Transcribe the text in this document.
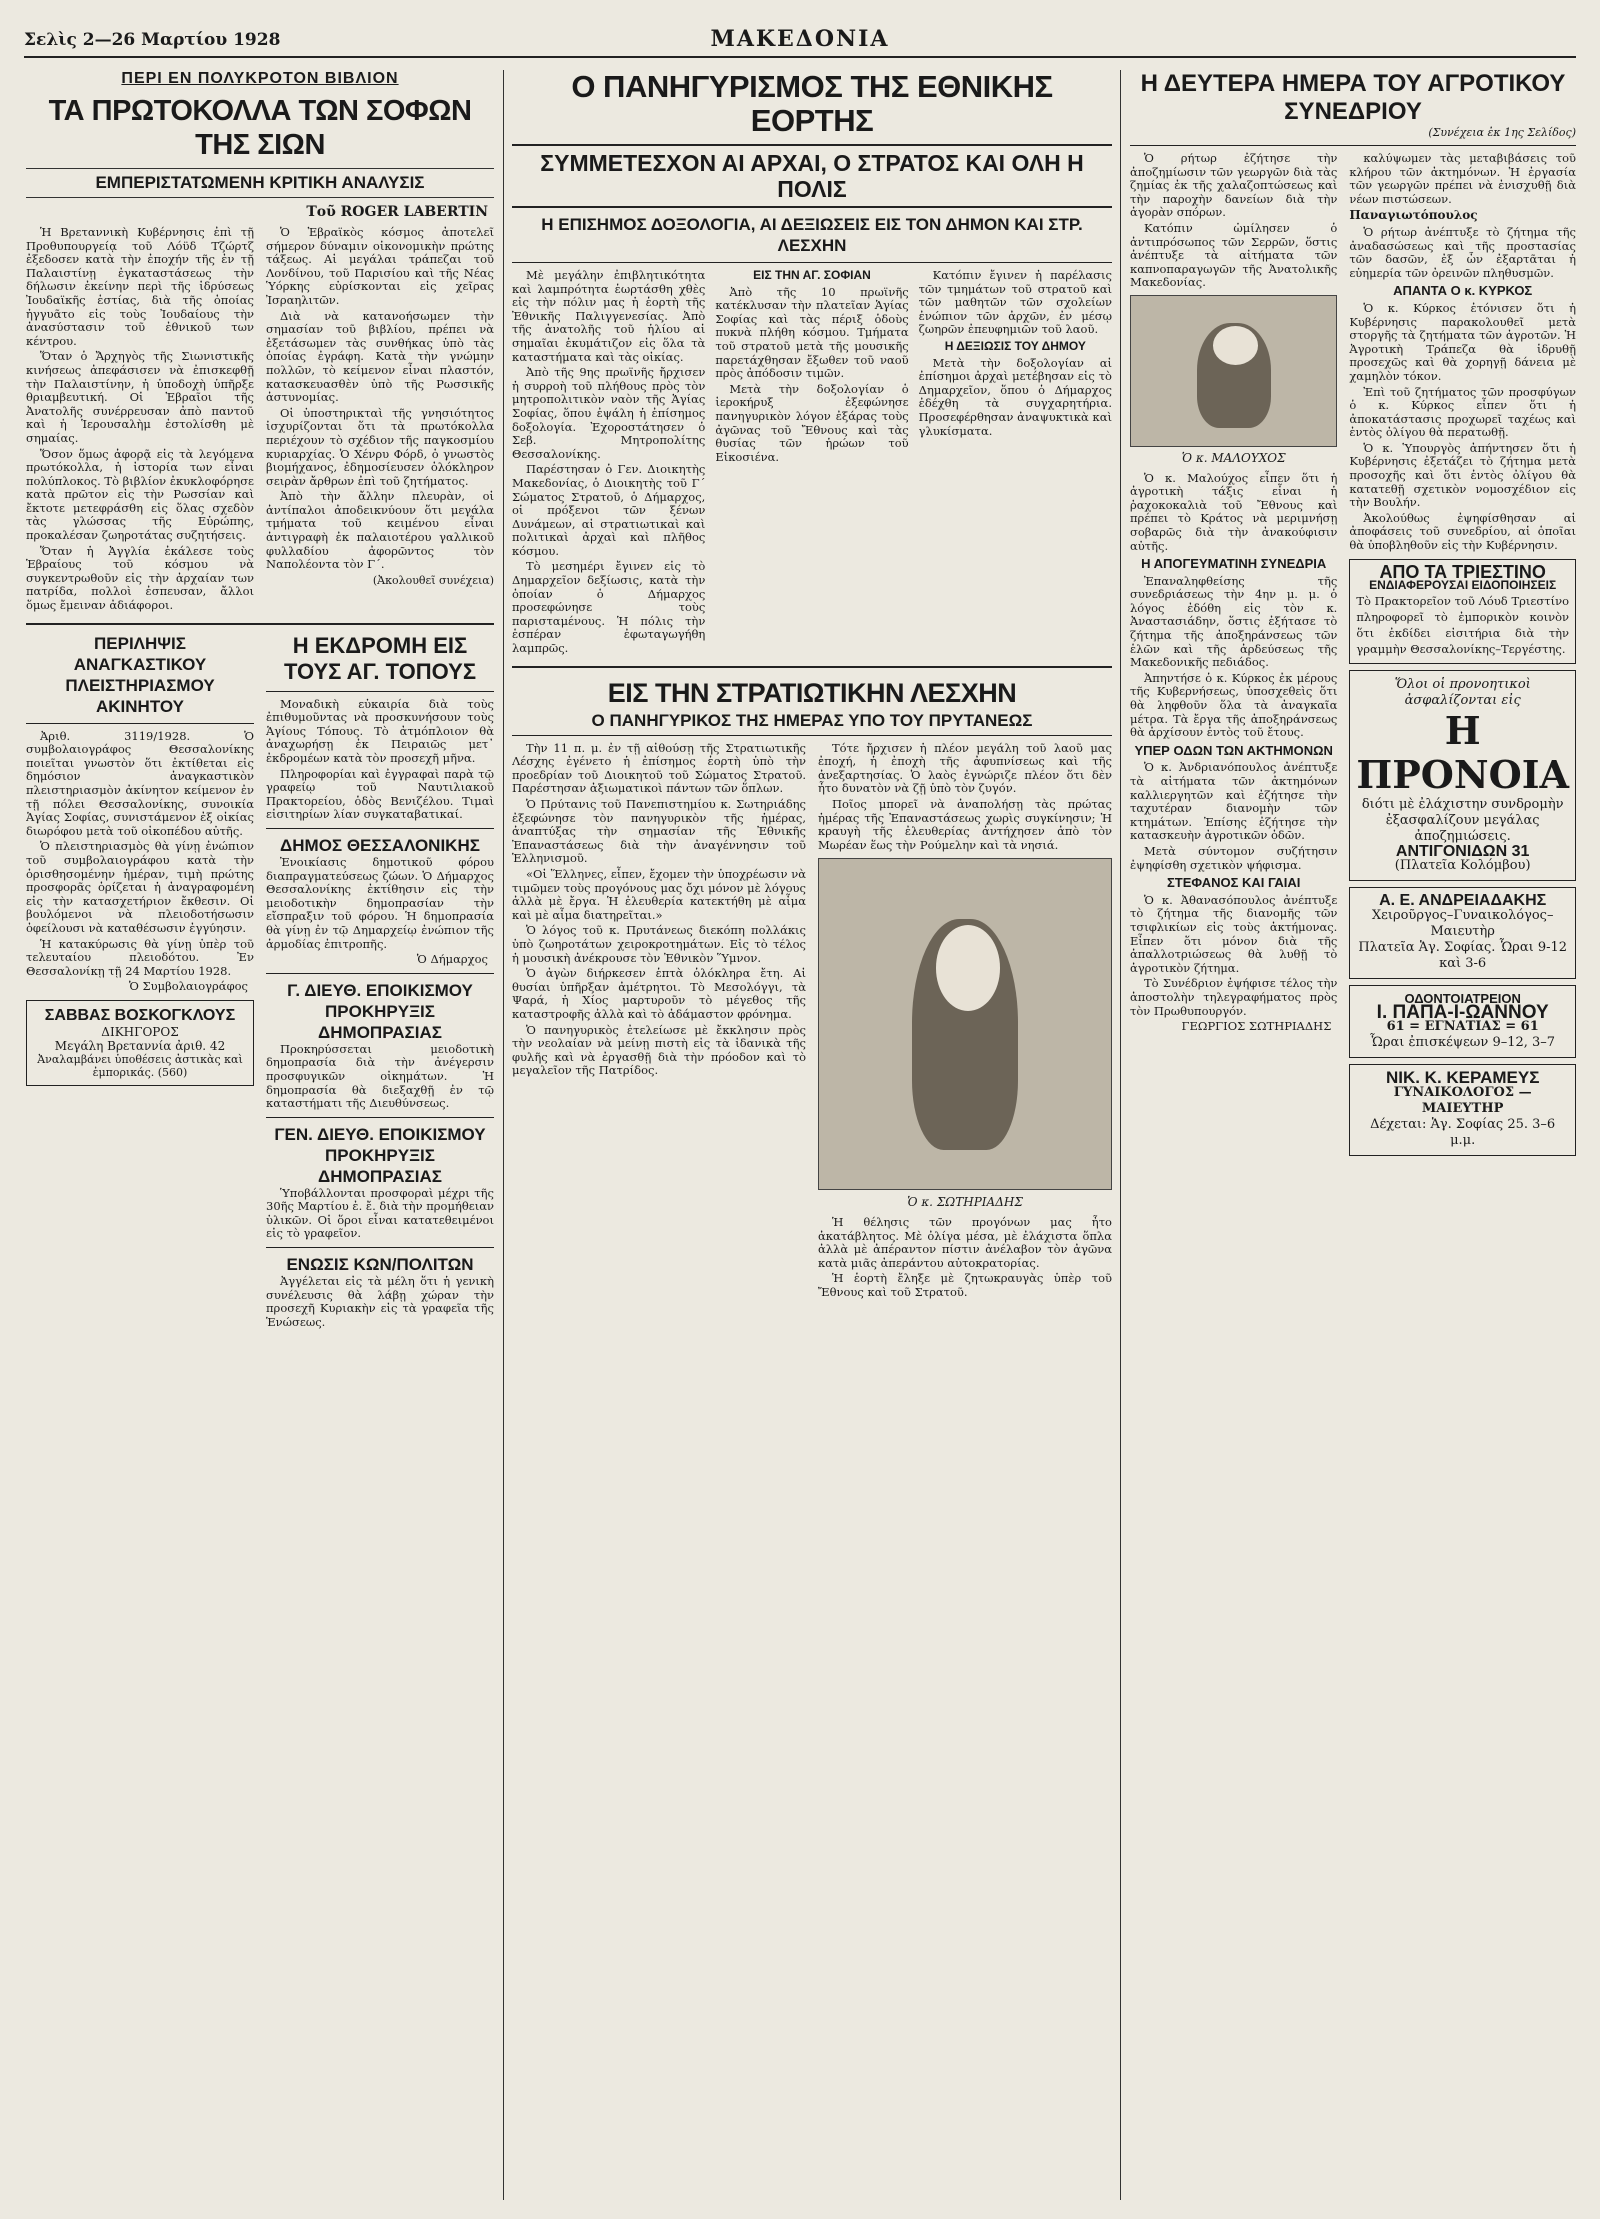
Σελὶς 2—26 Μαρτίου 1928	ΜΑΚΕΔΟΝΙΑ
ΠΕΡΙ ΕΝ ΠΟΛΥΚΡΟΤΟΝ ΒΙΒΛΙΟΝ
ΤΑ ΠΡΩΤΟΚΟΛΛΑ ΤΩΝ ΣΟΦΩΝ ΤΗΣ ΣΙΩΝ
ΕΜΠΕΡΙΣΤΑΤΩΜΕΝΗ ΚΡΙΤΙΚΗ ΑΝΑΛΥΣΙΣ
Τοῦ ROGER LABERTIN

Ἡ Βρεταννικὴ Κυβέρνησις ἐπὶ τῇ Προθυπουργείᾳ τοῦ Λόϋδ Τζώρτζ ἐξεδοσεν κατὰ τὴν ἐποχήν τῆς ἐν τῇ Παλαιστίνῃ ἐγκαταστάσεως τὴν δήλωσιν ἐκείνην περὶ τῆς ἱδρύσεως Ἰουδαϊκῆς ἑστίας, διὰ τῆς ὁποίας ἠγγυᾶτο εἰς τοὺς Ἰουδαίους τὴν ἀνασύστασιν τοῦ ἐθνικοῦ των κέντρου.

Ὅταν ὁ Ἄρχηγὸς τῆς Σιωνιστικῆς κινήσεως ἀπεφάσισεν νὰ ἐπισκεφθῇ τὴν Παλαιστίνην, ἡ ὑποδοχὴ ὑπῆρξε θριαμβευτική. Οἱ Ἑβραῖοι τῆς Ἀνατολῆς συνέρρευσαν ἀπὸ παντοῦ καὶ ἡ Ἱερουσαλὴμ ἐστολίσθη μὲ σημαίας.

Ὅσον ὅμως ἀφορᾷ εἰς τὰ λεγόμενα πρωτόκολλα, ἡ ἱστορία των εἶναι πολύπλοκος. Τὸ βιβλίον ἐκυκλοφόρησε κατὰ πρῶτον εἰς τὴν Ρωσσίαν καὶ ἔκτοτε μετεφράσθη εἰς ὅλας σχεδὸν τὰς γλώσσας τῆς Εὐρώπης, προκαλέσαν ζωηροτάτας συζητήσεις.

Ὅταν ἡ Ἀγγλία ἐκάλεσε τοὺς Ἑβραίους τοῦ κόσμου νὰ συγκεντρωθοῦν εἰς τὴν ἀρχαίαν των πατρίδα, πολλοὶ ἐσπευσαν, ἄλλοι ὅμως ἔμειναν ἀδιάφοροι.

Ὁ Ἑβραϊκὸς κόσμος ἀποτελεῖ σήμερον δύναμιν οἰκονομικὴν πρώτης τάξεως. Αἱ μεγάλαι τράπεζαι τοῦ Λονδίνου, τοῦ Παρισίου καὶ τῆς Νέας Ὑόρκης εὑρίσκονται εἰς χεῖρας Ἰσραηλιτῶν.

Διὰ νὰ κατανοήσωμεν τὴν σημασίαν τοῦ βιβλίου, πρέπει νὰ ἐξετάσωμεν τὰς συνθήκας ὑπὸ τὰς ὁποίας ἐγράφη. Κατὰ τὴν γνώμην πολλῶν, τὸ κείμενον εἶναι πλαστόν, κατασκευασθὲν ὑπὸ τῆς Ρωσσικῆς ἀστυνομίας.

Οἱ ὑποστηρικταὶ τῆς γνησιότητος ἰσχυρίζονται ὅτι τὰ πρωτόκολλα περιέχουν τὸ σχέδιον τῆς παγκοσμίου κυριαρχίας. Ὁ Χένρυ Φόρδ, ὁ γνωστὸς βιομήχανος, ἐδημοσίευσεν ὁλόκληρον σειρὰν ἄρθρων ἐπὶ τοῦ ζητήματος.

Ἀπὸ τὴν ἄλλην πλευρὰν, οἱ ἀντίπαλοι ἀποδεικνύουν ὅτι μεγάλα τμήματα τοῦ κειμένου εἶναι ἀντιγραφὴ ἐκ παλαιοτέρου γαλλικοῦ φυλλαδίου ἀφορῶντος τὸν Ναπολέοντα τὸν Γ΄.

(Ἀκολουθεῖ συνέχεια)
ΠΕΡΙΛΗΨΙΣ ΑΝΑΓΚΑΣΤΙΚΟΥ ΠΛΕΙΣΤΗΡΙΑΣΜΟΥ ΑΚΙΝΗΤΟΥ

Ἀριθ. 3119/1928. Ὁ συμβολαιογράφος Θεσσαλονίκης ποιεῖται γνωστὸν ὅτι ἐκτίθεται εἰς δημόσιον ἀναγκαστικὸν πλειστηριασμὸν ἀκίνητον κείμενον ἐν τῇ πόλει Θεσσαλονίκης, συνοικία Ἁγίας Σοφίας, συνιστάμενον ἐξ οἰκίας διωρόφου μετὰ τοῦ οἰκοπέδου αὐτῆς.

Ὁ πλειστηριασμὸς θὰ γίνῃ ἐνώπιον τοῦ συμβολαιογράφου κατὰ τὴν ὁρισθησομένην ἡμέραν, τιμὴ πρώτης προσφορᾶς ὁρίζεται ἡ ἀναγραφομένη εἰς τὴν κατασχετήριον ἔκθεσιν. Οἱ βουλόμενοι νὰ πλειοδοτήσωσιν ὀφείλουσι νὰ καταθέσωσιν ἐγγύησιν.

Ἡ κατακύρωσις θὰ γίνῃ ὑπὲρ τοῦ τελευταίου πλειοδότου. Ἐν Θεσσαλονίκῃ τῇ 24 Μαρτίου 1928.

Ὁ Συμβολαιογράφος
ΣΑΒΒΑΣ ΒΟΣΚΟΓΚΛΟΥΣ
ΔΙΚΗΓΟΡΟΣ
Μεγάλη Βρεταννία ἀριθ. 42
Ἀναλαμβάνει ὑποθέσεις ἀστικὰς καὶ ἐμπορικάς. (560)
Η ΕΚΔΡΟΜΗ ΕΙΣ ΤΟΥΣ ΑΓ. ΤΟΠΟΥΣ

Μοναδικὴ εὐκαιρία διὰ τοὺς ἐπιθυμοῦντας νὰ προσκυνήσουν τοὺς Ἁγίους Τόπους. Τὸ ἀτμόπλοιον θὰ ἀναχωρήσῃ ἐκ Πειραιῶς μετ᾽ ἐκδρομέων κατὰ τὸν προσεχῆ μῆνα.

Πληροφορίαι καὶ ἐγγραφαὶ παρὰ τῷ γραφείῳ τοῦ Ναυτιλιακοῦ Πρακτορείου, ὁδὸς Βενιζέλου. Τιμαὶ εἰσιτηρίων λίαν συγκαταβατικαί.

ΔΗΜΟΣ ΘΕΣΣΑΛΟΝΙΚΗΣ

Ἐνοικίασις δημοτικοῦ φόρου διαπραγματεύσεως ζώων. Ὁ Δήμαρχος Θεσσαλονίκης ἐκτίθησιν εἰς τὴν μειοδοτικὴν δημοπρασίαν τὴν εἴσπραξιν τοῦ φόρου. Ἡ δημοπρασία θὰ γίνῃ ἐν τῷ Δημαρχείῳ ἐνώπιον τῆς ἁρμοδίας ἐπιτροπῆς.

Ὁ Δήμαρχος
Γ. ΔΙΕΥΘ. ΕΠΟΙΚΙΣΜΟΥ ΠΡΟΚΗΡΥΞΙΣ ΔΗΜΟΠΡΑΣΙΑΣ

Προκηρύσσεται μειοδοτικὴ δημοπρασία διὰ τὴν ἀνέγερσιν προσφυγικῶν οἰκημάτων. Ἡ δημοπρασία θὰ διεξαχθῇ ἐν τῷ καταστήματι τῆς Διευθύνσεως.

ΓΕΝ. ΔΙΕΥΘ. ΕΠΟΙΚΙΣΜΟΥ ΠΡΟΚΗΡΥΞΙΣ ΔΗΜΟΠΡΑΣΙΑΣ

Ὑποβάλλονται προσφοραὶ μέχρι τῆς 30ῆς Μαρτίου ἐ. ἔ. διὰ τὴν προμήθειαν ὑλικῶν. Οἱ ὅροι εἶναι κατατεθειμένοι εἰς τὸ γραφεῖον.

ΕΝΩΣΙΣ ΚΩΝ/ΠΟΛΙΤΩΝ

Ἀγγέλεται εἰς τὰ μέλη ὅτι ἡ γενικὴ συνέλευσις θὰ λάβῃ χώραν τὴν προσεχῆ Κυριακὴν εἰς τὰ γραφεῖα τῆς Ἑνώσεως.

Ο ΠΑΝΗΓΥΡΙΣΜΟΣ ΤΗΣ ΕΘΝΙΚΗΣ ΕΟΡΤΗΣ
ΣΥΜΜΕΤΕΣΧΟΝ ΑΙ ΑΡΧΑΙ, Ο ΣΤΡΑΤΟΣ ΚΑΙ ΟΛΗ Η ΠΟΛΙΣ
Η ΕΠΙΣΗΜΟΣ ΔΟΞΟΛΟΓΙΑ, ΑΙ ΔΕΞΙΩΣΕΙΣ ΕΙΣ ΤΟΝ ΔΗΜΟΝ ΚΑΙ ΣΤΡ. ΛΕΣΧΗΝ

Μὲ μεγάλην ἐπιβλητικότητα καὶ λαμπρότητα ἑωρτάσθη χθὲς εἰς τὴν πόλιν μας ἡ ἑορτὴ τῆς Ἐθνικῆς Παλιγγενεσίας. Ἀπὸ τῆς ἀνατολῆς τοῦ ἡλίου αἱ σημαῖαι ἐκυμάτιζον εἰς ὅλα τὰ καταστήματα καὶ τὰς οἰκίας.

Ἀπὸ τῆς 9ης πρωϊνῆς ἤρχισεν ἡ συρροὴ τοῦ πλήθους πρὸς τὸν μητροπολιτικὸν ναὸν τῆς Ἁγίας Σοφίας, ὅπου ἐψάλη ἡ ἐπίσημος δοξολογία. Ἐχοροστάτησεν ὁ Σεβ. Μητροπολίτης Θεσσαλονίκης.

Παρέστησαν ὁ Γεν. Διοικητὴς Μακεδονίας, ὁ Διοικητὴς τοῦ Γ΄ Σώματος Στρατοῦ, ὁ Δήμαρχος, οἱ πρόξενοι τῶν ξένων Δυνάμεων, αἱ στρατιωτικαὶ καὶ πολιτικαὶ ἀρχαὶ καὶ πλῆθος κόσμου.

Τὸ μεσημέρι ἔγινεν εἰς τὸ Δημαρχεῖον δεξίωσις, κατὰ τὴν ὁποίαν ὁ Δήμαρχος προσεφώνησε τοὺς παρισταμένους. Ἡ πόλις τὴν ἑσπέραν ἐφωταγωγήθη λαμπρῶς.

ΕΙΣ ΤΗΝ ΑΓ. ΣΟΦΙΑΝ

Ἀπὸ τῆς 10 πρωϊνῆς κατέκλυσαν τὴν πλατεῖαν Ἁγίας Σοφίας καὶ τὰς πέριξ ὁδοὺς πυκνὰ πλήθη κόσμου. Τμήματα τοῦ στρατοῦ μετὰ τῆς μουσικῆς παρετάχθησαν ἔξωθεν τοῦ ναοῦ πρὸς ἀπόδοσιν τιμῶν.

Μετὰ τὴν δοξολογίαν ὁ ἱεροκήρυξ ἐξεφώνησε πανηγυρικὸν λόγον ἐξάρας τοὺς ἀγῶνας τοῦ Ἔθνους καὶ τὰς θυσίας τῶν ἡρώων τοῦ Εἰκοσιένα.

Κατόπιν ἔγινεν ἡ παρέλασις τῶν τμημάτων τοῦ στρατοῦ καὶ τῶν μαθητῶν τῶν σχολείων ἐνώπιον τῶν ἀρχῶν, ἐν μέσῳ ζωηρῶν ἐπευφημιῶν τοῦ λαοῦ.

Η ΔΕΞΙΩΣΙΣ ΤΟΥ ΔΗΜΟΥ

Μετὰ τὴν δοξολογίαν αἱ ἐπίσημοι ἀρχαὶ μετέβησαν εἰς τὸ Δημαρχεῖον, ὅπου ὁ Δήμαρχος ἐδέχθη τὰ συγχαρητήρια. Προσεφέρθησαν ἀναψυκτικὰ καὶ γλυκίσματα.

ΕΙΣ ΤΗΝ ΣΤΡΑΤΙΩΤΙΚΗΝ ΛΕΣΧΗΝ
Ο ΠΑΝΗΓΥΡΙΚΟΣ ΤΗΣ ΗΜΕΡΑΣ ΥΠΟ ΤΟΥ ΠΡΥΤΑΝΕΩΣ

Τὴν 11 π. μ. ἐν τῇ αἰθούσῃ τῆς Στρατιωτικῆς Λέσχης ἐγένετο ἡ ἐπίσημος ἑορτὴ ὑπὸ τὴν προεδρίαν τοῦ Διοικητοῦ τοῦ Σώματος Στρατοῦ. Παρέστησαν ἀξιωματικοὶ πάντων τῶν ὅπλων.

Ὁ Πρύτανις τοῦ Πανεπιστημίου κ. Σωτηριάδης ἐξεφώνησε τὸν πανηγυρικὸν τῆς ἡμέρας, ἀναπτύξας τὴν σημασίαν τῆς Ἐθνικῆς Ἐπαναστάσεως διὰ τὴν ἀναγέννησιν τοῦ Ἑλληνισμοῦ.

«Οἱ Ἕλληνες, εἶπεν, ἔχομεν τὴν ὑποχρέωσιν νὰ τιμῶμεν τοὺς προγόνους μας ὄχι μόνον μὲ λόγους ἀλλὰ μὲ ἔργα. Ἡ ἐλευθερία κατεκτήθη μὲ αἷμα καὶ μὲ αἷμα διατηρεῖται.»

Ὁ λόγος τοῦ κ. Πρυτάνεως διεκόπη πολλάκις ὑπὸ ζωηροτάτων χειροκροτημάτων. Εἰς τὸ τέλος ἡ μουσικὴ ἀνέκρουσε τὸν Ἐθνικὸν Ὕμνον.

Ὁ ἀγὼν διήρκεσεν ἑπτὰ ὁλόκληρα ἔτη. Αἱ θυσίαι ὑπῆρξαν ἀμέτρητοι. Τὸ Μεσολόγγι, τὰ Ψαρά, ἡ Χίος μαρτυροῦν τὸ μέγεθος τῆς καταστροφῆς ἀλλὰ καὶ τὸ ἀδάμαστον φρόνημα.

Ὁ πανηγυρικὸς ἐτελείωσε μὲ ἔκκλησιν πρὸς τὴν νεολαίαν νὰ μείνῃ πιστὴ εἰς τὰ ἰδανικὰ τῆς φυλῆς καὶ νὰ ἐργασθῇ διὰ τὴν πρόοδον καὶ τὸ μεγαλεῖον τῆς Πατρίδος.

Τότε ἤρχισεν ἡ πλέον μεγάλη τοῦ λαοῦ μας ἐποχή, ἡ ἐποχὴ τῆς ἀφυπνίσεως καὶ τῆς ἀνεξαρτησίας. Ὁ λαὸς ἐγνώριζε πλέον ὅτι δὲν ἦτο δυνατὸν νὰ ζῇ ὑπὸ τὸν ζυγόν.

Ποῖος μπορεῖ νὰ ἀναπολήσῃ τὰς πρώτας ἡμέρας τῆς Ἐπαναστάσεως χωρὶς συγκίνησιν; Ἡ κραυγὴ τῆς ἐλευθερίας ἀντήχησεν ἀπὸ τὸν Μωρέαν ἕως τὴν Ρούμελην καὶ τὰ νησιά.

Ὁ κ. ΣΩΤΗΡΙΑΔΗΣ

Ἡ θέλησις τῶν προγόνων μας ἦτο ἀκατάβλητος. Μὲ ὀλίγα μέσα, μὲ ἐλάχιστα ὅπλα ἀλλὰ μὲ ἀπέραντον πίστιν ἀνέλαβον τὸν ἀγῶνα κατὰ μιᾶς ἀπεράντου αὐτοκρατορίας.

Ἡ ἑορτὴ ἔληξε μὲ ζητωκραυγὰς ὑπὲρ τοῦ Ἔθνους καὶ τοῦ Στρατοῦ.

Η ΔΕΥΤΕΡΑ ΗΜΕΡΑ ΤΟΥ ΑΓΡΟΤΙΚΟΥ ΣΥΝΕΔΡΙΟΥ
(Συνέχεια ἐκ 1ης Σελίδος)

Ὁ ρήτωρ ἐζήτησε τὴν ἀποζημίωσιν τῶν γεωργῶν διὰ τὰς ζημίας ἐκ τῆς χαλαζοπτώσεως καὶ τὴν παροχὴν δανείων διὰ τὴν ἀγορὰν σπόρων.

Κατόπιν ὡμίλησεν ὁ ἀντιπρόσωπος τῶν Σερρῶν, ὅστις ἀνέπτυξε τὰ αἰτήματα τῶν καπνοπαραγωγῶν τῆς Ἀνατολικῆς Μακεδονίας.

Ὁ κ. ΜΑΛΟΥΧΟΣ

Ὁ κ. Μαλούχος εἶπεν ὅτι ἡ ἀγροτικὴ τάξις εἶναι ἡ ῥαχοκοκαλιὰ τοῦ Ἔθνους καὶ πρέπει τὸ Κράτος νὰ μεριμνήσῃ σοβαρῶς διὰ τὴν ἀνακούφισιν αὐτῆς.

Η ΑΠΟΓΕΥΜΑΤΙΝΗ ΣΥΝΕΔΡΙΑ

Ἐπαναληφθείσης τῆς συνεδριάσεως τὴν 4ην μ. μ. ὁ λόγος ἐδόθη εἰς τὸν κ. Ἀναστασιάδην, ὅστις ἐξήτασε τὸ ζήτημα τῆς ἀποξηράνσεως τῶν ἑλῶν καὶ τῆς ἀρδεύσεως τῆς Μακεδονικῆς πεδιάδος.

Ἀπηντήσε ὁ κ. Κύρκος ἐκ μέρους τῆς Κυβερνήσεως, ὑποσχεθεὶς ὅτι θὰ ληφθοῦν ὅλα τὰ ἀναγκαῖα μέτρα. Τὰ ἔργα τῆς ἀποξηράνσεως θὰ ἀρχίσουν ἐντὸς τοῦ ἔτους.

ΥΠΕΡ ΟΔΩΝ ΤΩΝ ΑΚΤΗΜΟΝΩΝ

Ὁ κ. Ἀνδριανόπουλος ἀνέπτυξε τὰ αἰτήματα τῶν ἀκτημόνων καλλιεργητῶν καὶ ἐζήτησε τὴν ταχυτέραν διανομὴν τῶν κτημάτων. Ἐπίσης ἐζήτησε τὴν κατασκευὴν ἀγροτικῶν ὁδῶν.

Μετὰ σύντομον συζήτησιν ἐψηφίσθη σχετικὸν ψήφισμα.

ΣΤΕΦΑΝΟΣ ΚΑΙ ΓΑΙΑΙ

Ὁ κ. Ἀθανασόπουλος ἀνέπτυξε τὸ ζήτημα τῆς διανομῆς τῶν τσιφλικίων εἰς τοὺς ἀκτήμονας. Εἶπεν ὅτι μόνον διὰ τῆς ἀπαλλοτριώσεως θὰ λυθῇ τὸ ἀγροτικὸν ζήτημα.

Τὸ Συνέδριον ἐψήφισε τέλος τὴν ἀποστολὴν τηλεγραφήματος πρὸς τὸν Πρωθυπουργόν.

ΓΕΩΡΓΙΟΣ ΣΩΤΗΡΙΑΔΗΣ

καλύψωμεν τὰς μεταβιβάσεις τοῦ κλήρου τῶν ἀκτημόνων. Ἡ ἐργασία τῶν γεωργῶν πρέπει νὰ ἐνισχυθῇ διὰ νέων πιστώσεων.

Παναγιωτόπουλος

Ὁ ρήτωρ ἀνέπτυξε τὸ ζήτημα τῆς ἀναδασώσεως καὶ τῆς προστασίας τῶν δασῶν, ἐξ ὧν ἐξαρτᾶται ἡ εὐημερία τῶν ὀρεινῶν πληθυσμῶν.

ΑΠΑΝΤΑ Ο κ. ΚΥΡΚΟΣ

Ὁ κ. Κύρκος ἐτόνισεν ὅτι ἡ Κυβέρνησις παρακολουθεῖ μετὰ στοργῆς τὰ ζητήματα τῶν ἀγροτῶν. Ἡ Ἀγροτικὴ Τράπεζα θὰ ἱδρυθῇ προσεχῶς καὶ θὰ χορηγῇ δάνεια μὲ χαμηλὸν τόκον.

Ἐπὶ τοῦ ζητήματος τῶν προσφύγων ὁ κ. Κύρκος εἶπεν ὅτι ἡ ἀποκατάστασις προχωρεῖ ταχέως καὶ ἐντὸς ὀλίγου θὰ περατωθῇ.

Ὁ κ. Ὑπουργὸς ἀπήντησεν ὅτι ἡ Κυβέρνησις ἐξετάζει τὸ ζήτημα μετὰ προσοχῆς καὶ ὅτι ἐντὸς ὀλίγου θὰ κατατεθῇ σχετικὸν νομοσχέδιον εἰς τὴν Βουλήν.

Ἀκολούθως ἐψηφίσθησαν αἱ ἀποφάσεις τοῦ συνεδρίου, αἱ ὁποῖαι θὰ ὑποβληθοῦν εἰς τὴν Κυβέρνησιν.

ΑΠΟ ΤΑ ΤΡΙΕΣΤΙΝΟ
ΕΝΔΙΑΦΕΡΟΥΣΑΙ ΕΙΔΟΠΟΙΗΣΕΙΣ
Τὸ Πρακτορεῖον τοῦ Λόυδ Τριεστίνο πληροφορεῖ τὸ ἐμπορικὸν κοινὸν ὅτι ἐκδίδει εἰσιτήρια διὰ τὴν γραμμὴν Θεσσαλονίκης–Τεργέστης.
Ὅλοι οἱ προνοητικοὶ ἀσφαλίζονται εἰς
Η ΠΡΟΝΟΙΑ
διότι μὲ ἐλάχιστην συνδρομὴν ἐξασφαλίζουν μεγάλας ἀποζημιώσεις.
ΑΝΤΙΓΟΝΙΔΩΝ 31
(Πλατεῖα Κολόμβου)
Α. Ε. ΑΝΔΡΕΙΑΔΑΚΗΣ
Χειροῦργος–Γυναικολόγος–Μαιευτὴρ
Πλατεῖα Ἁγ. Σοφίας. Ὧραι 9-12 καὶ 3-6
ΟΔΟΝΤΟΙΑΤΡΕΙΟΝ
Ι. ΠΑΠΑ-Ι-ΩΑΝΝΟΥ
61 = ΕΓΝΑΤΙΑΣ = 61
Ὧραι ἐπισκέψεων 9–12, 3–7
ΝΙΚ. Κ. ΚΕΡΑΜΕΥΣ
ΓΥΝΑΙΚΟΛΟΓΟΣ — ΜΑΙΕΥΤΗΡ
Δέχεται: Ἁγ. Σοφίας 25. 3–6 μ.μ.
